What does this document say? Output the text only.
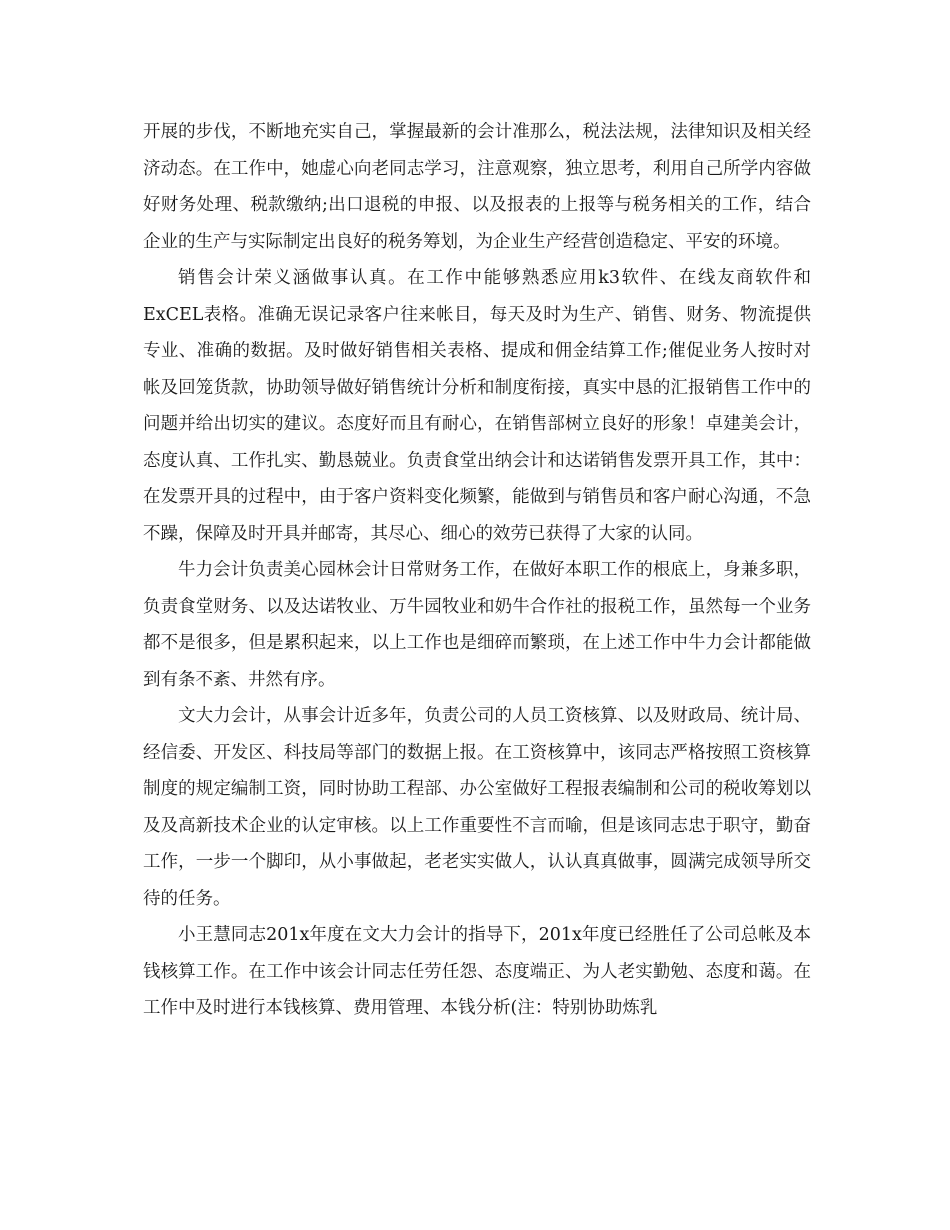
开展的步伐，不断地充实自己，掌握最新的会计准那么，税法法规，法律知识及相关经济动态。在工作中，她虚心向老同志学习，注意观察，独立思考，利用自己所学内容做好财务处理、税款缴纳;出口退税的申报、以及报表的上报等与税务相关的工作，结合企业的生产与实际制定出良好的税务筹划，为企业生产经营创造稳定、平安的环境。

销售会计荣义涵做事认真。在工作中能够熟悉应用k3软件、在线友商软件和ExCEL表格。准确无误记录客户往来帐目，每天及时为生产、销售、财务、物流提供专业、准确的数据。及时做好销售相关表格、提成和佣金结算工作;催促业务人按时对帐及回笼货款，协助领导做好销售统计分析和制度衔接，真实中恳的汇报销售工作中的问题并给出切实的建议。态度好而且有耐心，在销售部树立良好的形象！卓建美会计，态度认真、工作扎实、勤恳兢业。负责食堂出纳会计和达诺销售发票开具工作，其中：在发票开具的过程中，由于客户资料变化频繁，能做到与销售员和客户耐心沟通，不急不躁，保障及时开具并邮寄，其尽心、细心的效劳已获得了大家的认同。

牛力会计负责美心园林会计日常财务工作，在做好本职工作的根底上，身兼多职，负责食堂财务、以及达诺牧业、万牛园牧业和奶牛合作社的报税工作，虽然每一个业务都不是很多，但是累积起来，以上工作也是细碎而繁琐，在上述工作中牛力会计都能做到有条不紊、井然有序。

文大力会计，从事会计近多年，负责公司的人员工资核算、以及财政局、统计局、经信委、开发区、科技局等部门的数据上报。在工资核算中，该同志严格按照工资核算制度的规定编制工资，同时协助工程部、办公室做好工程报表编制和公司的税收筹划以及及高新技术企业的认定审核。以上工作重要性不言而喻，但是该同志忠于职守，勤奋工作，一步一个脚印，从小事做起，老老实实做人，认认真真做事，圆满完成领导所交待的任务。

小王慧同志201x年度在文大力会计的指导下，201x年度已经胜任了公司总帐及本钱核算工作。在工作中该会计同志任劳任怨、态度端正、为人老实勤勉、态度和蔼。在工作中及时进行本钱核算、费用管理、本钱分析(注：特别协助炼乳
